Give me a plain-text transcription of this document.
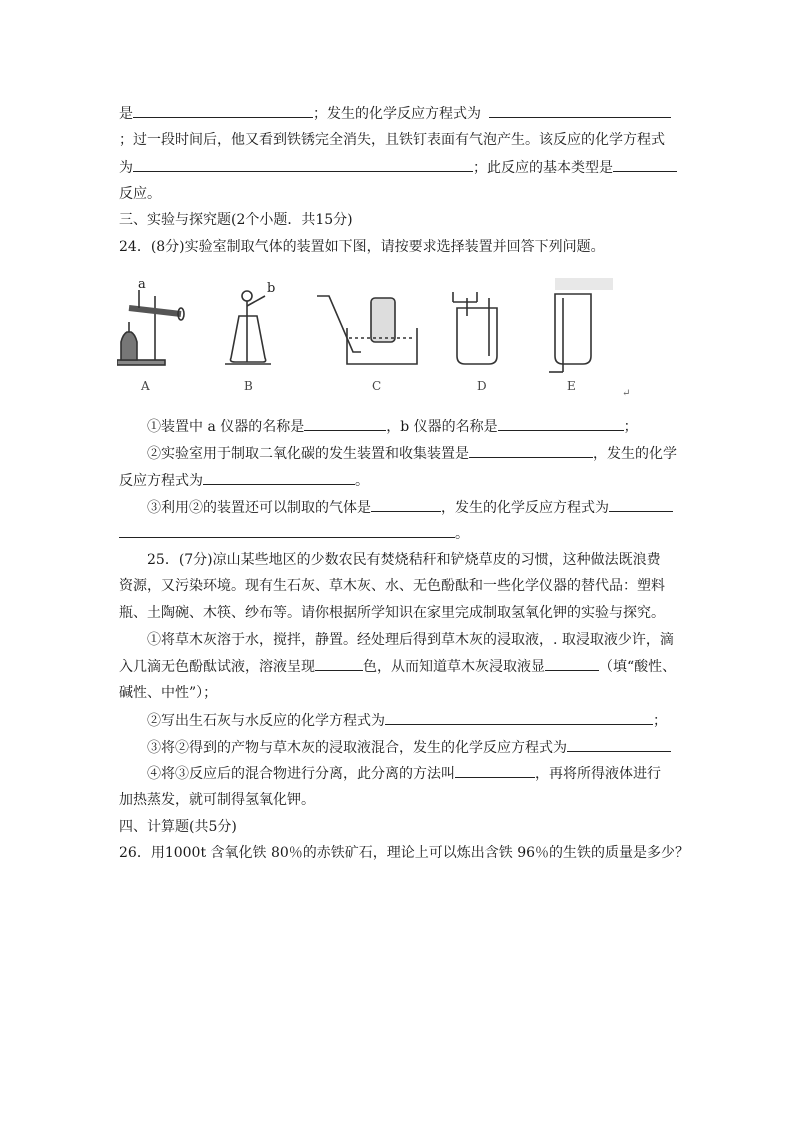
是	；发生的化学反应方程式为
；过一段时间后，他又看到铁锈完全消失，且铁钉表面有气泡产生。该反应的化学方程式
为	；此反应的基本类型是
反应。
三、实验与探究题(2个小题．共15分)
24．(8分)实验室制取气体的装置如下图，请按要求选择装置并回答下列问题。
a
A
b
B	C	D	E
↵
①装置中 a 仪器的名称是	，b 仪器的名称是	；
②实验室用于制取二氧化碳的发生装置和收集装置是	，发生的化学
反应方程式为	。
③利用②的装置还可以制取的气体是	，发生的化学反应方程式为
。
25．(7分)凉山某些地区的少数农民有焚烧秸秆和铲烧草皮的习惯，这种做法既浪费
资源，又污染环境。现有生石灰、草木灰、水、无色酚酞和一些化学仪器的替代品：塑料
瓶、土陶碗、木筷、纱布等。请你根据所学知识在家里完成制取氢氧化钾的实验与探究。
①将草木灰溶于水，搅拌，静置。经处理后得到草木灰的浸取液，. 取浸取液少许，滴
入几滴无色酚酞试液，溶液呈现	色，从而知道草木灰浸取液显	（填“酸性、
碱性、中性”）；
②写出生石灰与水反应的化学方程式为	；
③将②得到的产物与草木灰的浸取液混合，发生的化学反应方程式为
④将③反应后的混合物进行分离，此分离的方法叫	，再将所得液体进行
加热蒸发，就可制得氢氧化钾。
四、计算题(共5分)
26．用1000t 含氧化铁 80％的赤铁矿石，理论上可以炼出含铁 96％的生铁的质量是多少？
